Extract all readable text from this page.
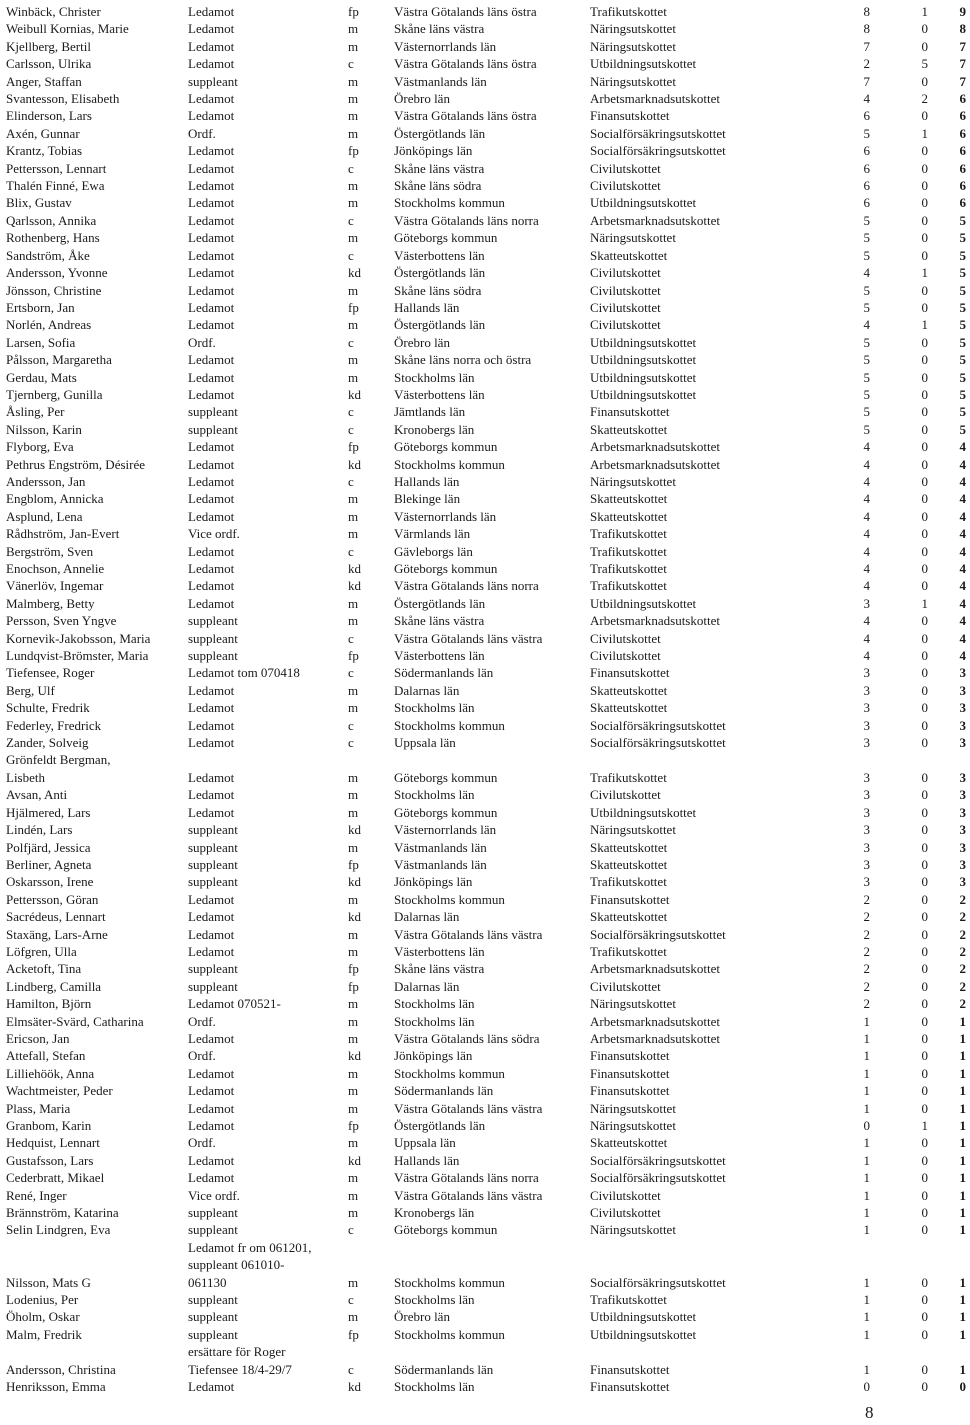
Winbäck, Christer	Ledamot	fp	Västra Götalands läns östra	Trafikutskottet	8	1	9
Weibull Kornias, Marie	Ledamot	m	Skåne läns västra	Näringsutskottet	8	0	8
Kjellberg, Bertil	Ledamot	m	Västernorrlands län	Näringsutskottet	7	0	7
Carlsson, Ulrika	Ledamot	c	Västra Götalands läns östra	Utbildningsutskottet	2	5	7
Anger, Staffan	suppleant	m	Västmanlands län	Näringsutskottet	7	0	7
Svantesson, Elisabeth	Ledamot	m	Örebro län	Arbetsmarknadsutskottet	4	2	6
Elinderson, Lars	Ledamot	m	Västra Götalands läns östra	Finansutskottet	6	0	6
Axén, Gunnar	Ordf.	m	Östergötlands län	Socialförsäkringsutskottet	5	1	6
Krantz, Tobias	Ledamot	fp	Jönköpings län	Socialförsäkringsutskottet	6	0	6
Pettersson, Lennart	Ledamot	c	Skåne läns västra	Civilutskottet	6	0	6
Thalén Finné, Ewa	Ledamot	m	Skåne läns södra	Civilutskottet	6	0	6
Blix, Gustav	Ledamot	m	Stockholms kommun	Utbildningsutskottet	6	0	6
Qarlsson, Annika	Ledamot	c	Västra Götalands läns norra	Arbetsmarknadsutskottet	5	0	5
Rothenberg, Hans	Ledamot	m	Göteborgs kommun	Näringsutskottet	5	0	5
Sandström, Åke	Ledamot	c	Västerbottens län	Skatteutskottet	5	0	5
Andersson, Yvonne	Ledamot	kd	Östergötlands län	Civilutskottet	4	1	5
Jönsson, Christine	Ledamot	m	Skåne läns södra	Civilutskottet	5	0	5
Ertsborn, Jan	Ledamot	fp	Hallands län	Civilutskottet	5	0	5
Norlén, Andreas	Ledamot	m	Östergötlands län	Civilutskottet	4	1	5
Larsen, Sofia	Ordf.	c	Örebro län	Utbildningsutskottet	5	0	5
Pålsson, Margaretha	Ledamot	m	Skåne läns norra och östra	Utbildningsutskottet	5	0	5
Gerdau, Mats	Ledamot	m	Stockholms län	Utbildningsutskottet	5	0	5
Tjernberg, Gunilla	Ledamot	kd	Västerbottens län	Utbildningsutskottet	5	0	5
Åsling, Per	suppleant	c	Jämtlands län	Finansutskottet	5	0	5
Nilsson, Karin	suppleant	c	Kronobergs län	Skatteutskottet	5	0	5
Flyborg, Eva	Ledamot	fp	Göteborgs kommun	Arbetsmarknadsutskottet	4	0	4
Pethrus Engström, Désirée	Ledamot	kd	Stockholms kommun	Arbetsmarknadsutskottet	4	0	4
Andersson, Jan	Ledamot	c	Hallands län	Näringsutskottet	4	0	4
Engblom, Annicka	Ledamot	m	Blekinge län	Skatteutskottet	4	0	4
Asplund, Lena	Ledamot	m	Västernorrlands län	Skatteutskottet	4	0	4
Rådhström, Jan-Evert	Vice ordf.	m	Värmlands län	Trafikutskottet	4	0	4
Bergström, Sven	Ledamot	c	Gävleborgs län	Trafikutskottet	4	0	4
Enochson, Annelie	Ledamot	kd	Göteborgs kommun	Trafikutskottet	4	0	4
Vänerlöv, Ingemar	Ledamot	kd	Västra Götalands läns norra	Trafikutskottet	4	0	4
Malmberg, Betty	Ledamot	m	Östergötlands län	Utbildningsutskottet	3	1	4
Persson, Sven Yngve	suppleant	m	Skåne läns västra	Arbetsmarknadsutskottet	4	0	4
Kornevik-Jakobsson, Maria	suppleant	c	Västra Götalands läns västra	Civilutskottet	4	0	4
Lundqvist-Brömster, Maria	suppleant	fp	Västerbottens län	Civilutskottet	4	0	4
Tiefensee, Roger	Ledamot tom 070418	c	Södermanlands län	Finansutskottet	3	0	3
Berg, Ulf	Ledamot	m	Dalarnas län	Skatteutskottet	3	0	3
Schulte, Fredrik	Ledamot	m	Stockholms län	Skatteutskottet	3	0	3
Federley, Fredrick	Ledamot	c	Stockholms kommun	Socialförsäkringsutskottet	3	0	3
Zander, Solveig	Ledamot	c	Uppsala län	Socialförsäkringsutskottet	3	0	3
Grönfeldt Bergman,
Lisbeth	Ledamot	m	Göteborgs kommun	Trafikutskottet	3	0	3
Avsan, Anti	Ledamot	m	Stockholms län	Civilutskottet	3	0	3
Hjälmered, Lars	Ledamot	m	Göteborgs kommun	Utbildningsutskottet	3	0	3
Lindén, Lars	suppleant	kd	Västernorrlands län	Näringsutskottet	3	0	3
Polfjärd, Jessica	suppleant	m	Västmanlands län	Skatteutskottet	3	0	3
Berliner, Agneta	suppleant	fp	Västmanlands län	Skatteutskottet	3	0	3
Oskarsson, Irene	suppleant	kd	Jönköpings län	Trafikutskottet	3	0	3
Pettersson, Göran	Ledamot	m	Stockholms kommun	Finansutskottet	2	0	2
Sacrédeus, Lennart	Ledamot	kd	Dalarnas län	Skatteutskottet	2	0	2
Staxäng, Lars-Arne	Ledamot	m	Västra Götalands läns västra	Socialförsäkringsutskottet	2	0	2
Löfgren, Ulla	Ledamot	m	Västerbottens län	Trafikutskottet	2	0	2
Acketoft, Tina	suppleant	fp	Skåne läns västra	Arbetsmarknadsutskottet	2	0	2
Lindberg, Camilla	suppleant	fp	Dalarnas län	Civilutskottet	2	0	2
Hamilton, Björn	Ledamot 070521-	m	Stockholms län	Näringsutskottet	2	0	2
Elmsäter-Svärd, Catharina	Ordf.	m	Stockholms län	Arbetsmarknadsutskottet	1	0	1
Ericson, Jan	Ledamot	m	Västra Götalands läns södra	Arbetsmarknadsutskottet	1	0	1
Attefall, Stefan	Ordf.	kd	Jönköpings län	Finansutskottet	1	0	1
Lilliehöök, Anna	Ledamot	m	Stockholms kommun	Finansutskottet	1	0	1
Wachtmeister, Peder	Ledamot	m	Södermanlands län	Finansutskottet	1	0	1
Plass, Maria	Ledamot	m	Västra Götalands läns västra	Näringsutskottet	1	0	1
Granbom, Karin	Ledamot	fp	Östergötlands län	Näringsutskottet	0	1	1
Hedquist, Lennart	Ordf.	m	Uppsala län	Skatteutskottet	1	0	1
Gustafsson, Lars	Ledamot	kd	Hallands län	Socialförsäkringsutskottet	1	0	1
Cederbratt, Mikael	Ledamot	m	Västra Götalands läns norra	Socialförsäkringsutskottet	1	0	1
René, Inger	Vice ordf.	m	Västra Götalands läns västra	Civilutskottet	1	0	1
Brännström, Katarina	suppleant	m	Kronobergs län	Civilutskottet	1	0	1
Selin Lindgren, Eva	suppleant	c	Göteborgs kommun	Näringsutskottet	1	0	1
Nilsson, Mats G	Ledamot fr om 061201,
suppleant 061010-
061130	m	Stockholms kommun	Socialförsäkringsutskottet	1	0	1
Lodenius, Per	suppleant	c	Stockholms län	Trafikutskottet	1	0	1
Öholm, Oskar	suppleant	m	Örebro län	Utbildningsutskottet	1	0	1
Malm, Fredrik	suppleant	fp	Stockholms kommun	Utbildningsutskottet	1	0	1
Andersson, Christina	ersättare för Roger
Tiefensee 18/4-29/7	c	Södermanlands län	Finansutskottet	1	0	1
Henriksson, Emma	Ledamot	kd	Stockholms län	Finansutskottet	0	0	0
8
